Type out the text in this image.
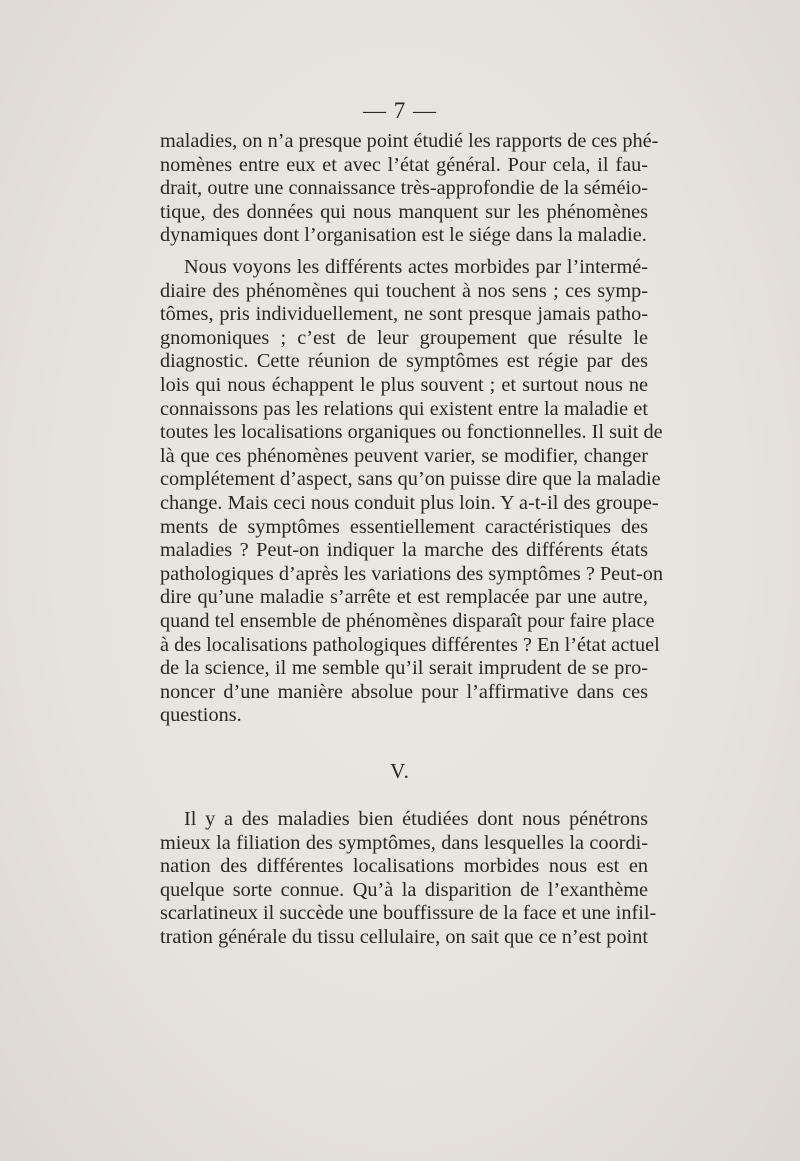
— 7 —
maladies, on n’a presque point étudié les rapports de ces phé-
nomènes entre eux et avec l’état général. Pour cela, il fau-
drait, outre une connaissance très-approfondie de la séméio-
tique, des données qui nous manquent sur les phénomènes
dynamiques dont l’organisation est le siége dans la maladie.
Nous voyons les différents actes morbides par l’intermé-
diaire des phénomènes qui touchent à nos sens ; ces symp-
tômes, pris individuellement, ne sont presque jamais patho-
gnomoniques ; c’est de leur groupement que résulte le
diagnostic. Cette réunion de symptômes est régie par des
lois qui nous échappent le plus souvent ; et surtout nous ne
connaissons pas les relations qui existent entre la maladie et
toutes les localisations organiques ou fonctionnelles. Il suit de
là que ces phénomènes peuvent varier, se modifier, changer
complétement d’aspect, sans qu’on puisse dire que la maladie
change. Mais ceci nous conduit plus loin. Y a-t-il des groupe-
ments de symptômes essentiellement caractéristiques des
maladies ? Peut-on indiquer la marche des différents états
pathologiques d’après les variations des symptômes ? Peut-on
dire qu’une maladie s’arrête et est remplacée par une autre,
quand tel ensemble de phénomènes disparaît pour faire place
à des localisations pathologiques différentes ? En l’état actuel
de la science, il me semble qu’il serait imprudent de se pro-
noncer d’une manière absolue pour l’affirmative dans ces
questions.
V.
Il y a des maladies bien étudiées dont nous pénétrons
mieux la filiation des symptômes, dans lesquelles la coordi-
nation des différentes localisations morbides nous est en
quelque sorte connue. Qu’à la disparition de l’exanthème
scarlatineux il succède une bouffissure de la face et une infil-
tration générale du tissu cellulaire, on sait que ce n’est point
